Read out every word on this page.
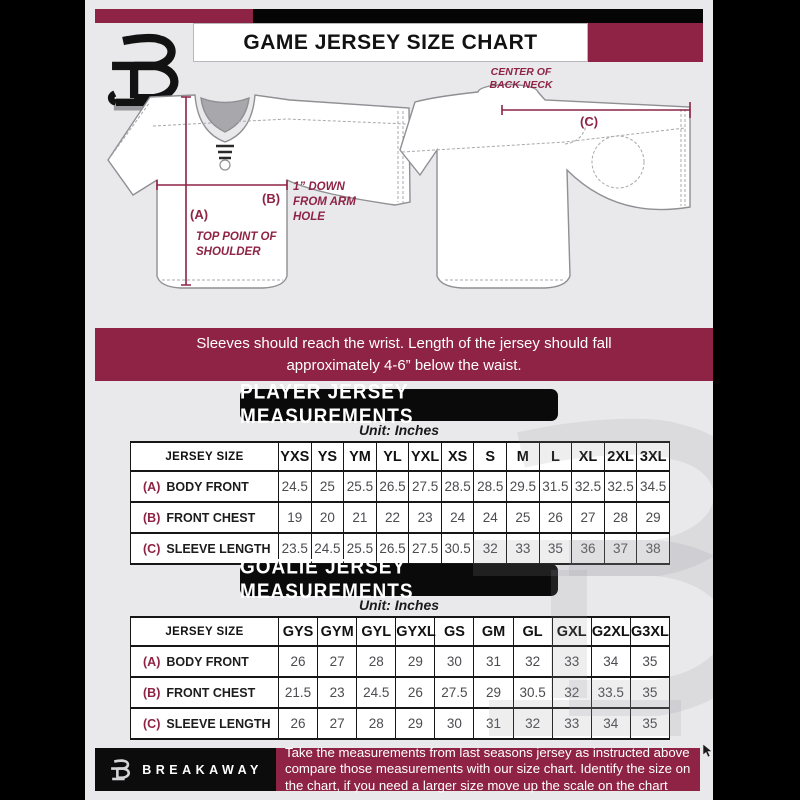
GAME JERSEY SIZE CHART
CENTER OF BACK NECK
(A)
TOP POINT OF SHOULDER
(B)
1” DOWN FROM ARM HOLE
(C)
Sleeves should reach the wrist. Length of the jersey should fall approximately 4-6” below the waist.
PLAYER JERSEY MEASUREMENTS
Unit: Inches
JERSEY SIZE	YXS	YS	YM	YL	YXL	XS	S	M	L	XL	2XL	3XL
(A) BODY FRONT	24.5	25	25.5	26.5	27.5	28.5	28.5	29.5	31.5	32.5	32.5	34.5
(B) FRONT CHEST	19	20	21	22	23	24	24	25	26	27	28	29
(C) SLEEVE LENGTH	23.5	24.5	25.5	26.5	27.5	30.5	32	33	35	36	37	38
GOALIE JERSEY MEASUREMENTS
Unit: Inches
JERSEY SIZE	GYS	GYM	GYL	GYXL	GS	GM	GL	GXL	G2XL	G3XL
(A) BODY FRONT	26	27	28	29	30	31	32	33	34	35
(B) FRONT CHEST	21.5	23	24.5	26	27.5	29	30.5	32	33.5	35
(C) SLEEVE LENGTH	26	27	28	29	30	31	32	33	34	35
BREAKAWAY
Take the measurements from last seasons jersey as instructed above compare those measurements with our size chart. Identify the size on the chart, if you need a larger size move up the scale on the chart
